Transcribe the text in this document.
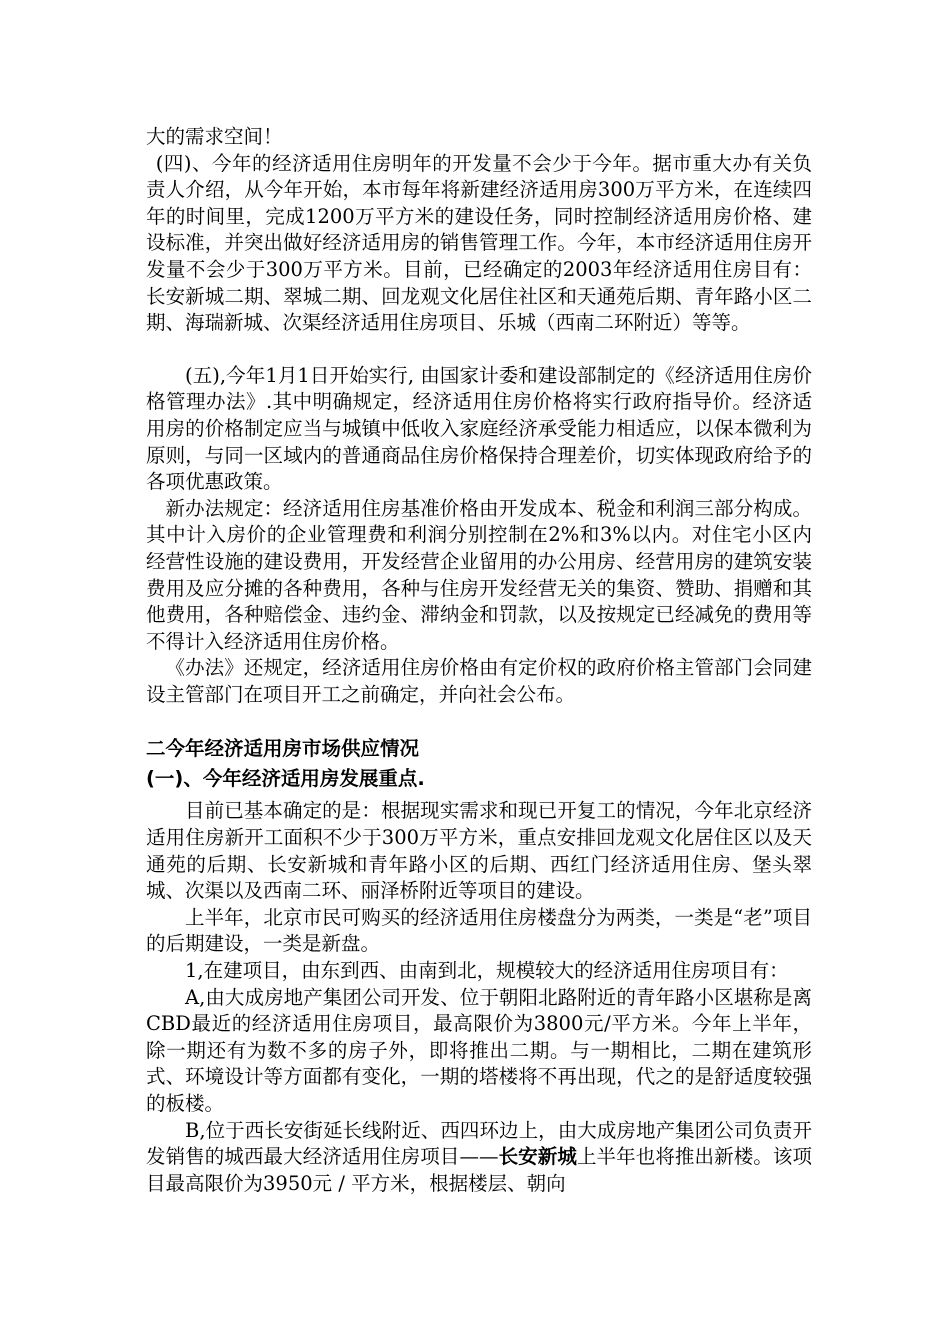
大的需求空间！

(四)、今年的经济适用住房明年的开发量不会少于今年。据市重大办有关负责人介绍，从今年开始，本市每年将新建经济适用房300万平方米，在连续四年的时间里，完成1200万平方米的建设任务，同时控制经济适用房价格、建设标准，并突出做好经济适用房的销售管理工作。今年，本市经济适用住房开发量不会少于300万平方米。目前，已经确定的2003年经济适用住房目有：长安新城二期、翠城二期、回龙观文化居住社区和天通苑后期、青年路小区二期、海瑞新城、次渠经济适用住房项目、乐城（西南二环附近）等等。

(五),今年1月1日开始实行, 由国家计委和建设部制定的《经济适用住房价格管理办法》.其中明确规定，经济适用住房价格将实行政府指导价。经济适用房的价格制定应当与城镇中低收入家庭经济承受能力相适应，以保本微利为原则，与同一区域内的普通商品住房价格保持合理差价，切实体现政府给予的各项优惠政策。

新办法规定：经济适用住房基准价格由开发成本、税金和利润三部分构成。其中计入房价的企业管理费和利润分别控制在2%和3%以内。对住宅小区内经营性设施的建设费用，开发经营企业留用的办公用房、经营用房的建筑安装费用及应分摊的各种费用，各种与住房开发经营无关的集资、赞助、捐赠和其他费用，各种赔偿金、违约金、滞纳金和罚款，以及按规定已经减免的费用等不得计入经济适用住房价格。

《办法》还规定，经济适用住房价格由有定价权的政府价格主管部门会同建设主管部门在项目开工之前确定，并向社会公布。

二今年经济适用房市场供应情况

(一)、今年经济适用房发展重点.

目前已基本确定的是：根据现实需求和现已开复工的情况，今年北京经济适用住房新开工面积不少于300万平方米，重点安排回龙观文化居住区以及天通苑的后期、长安新城和青年路小区的后期、西红门经济适用住房、堡头翠城、次渠以及西南二环、丽泽桥附近等项目的建设。

上半年，北京市民可购买的经济适用住房楼盘分为两类，一类是“老”项目的后期建设，一类是新盘。

1,在建项目，由东到西、由南到北，规模较大的经济适用住房项目有：

A,由大成房地产集团公司开发、位于朝阳北路附近的青年路小区堪称是离CBD最近的经济适用住房项目，最高限价为3800元/平方米。今年上半年，除一期还有为数不多的房子外，即将推出二期。与一期相比，二期在建筑形式、环境设计等方面都有变化，一期的塔楼将不再出现，代之的是舒适度较强的板楼。

B,位于西长安街延长线附近、西四环边上，由大成房地产集团公司负责开发销售的城西最大经济适用住房项目——长安新城上半年也将推出新楼。该项目最高限价为3950元 / 平方米，根据楼层、朝向
